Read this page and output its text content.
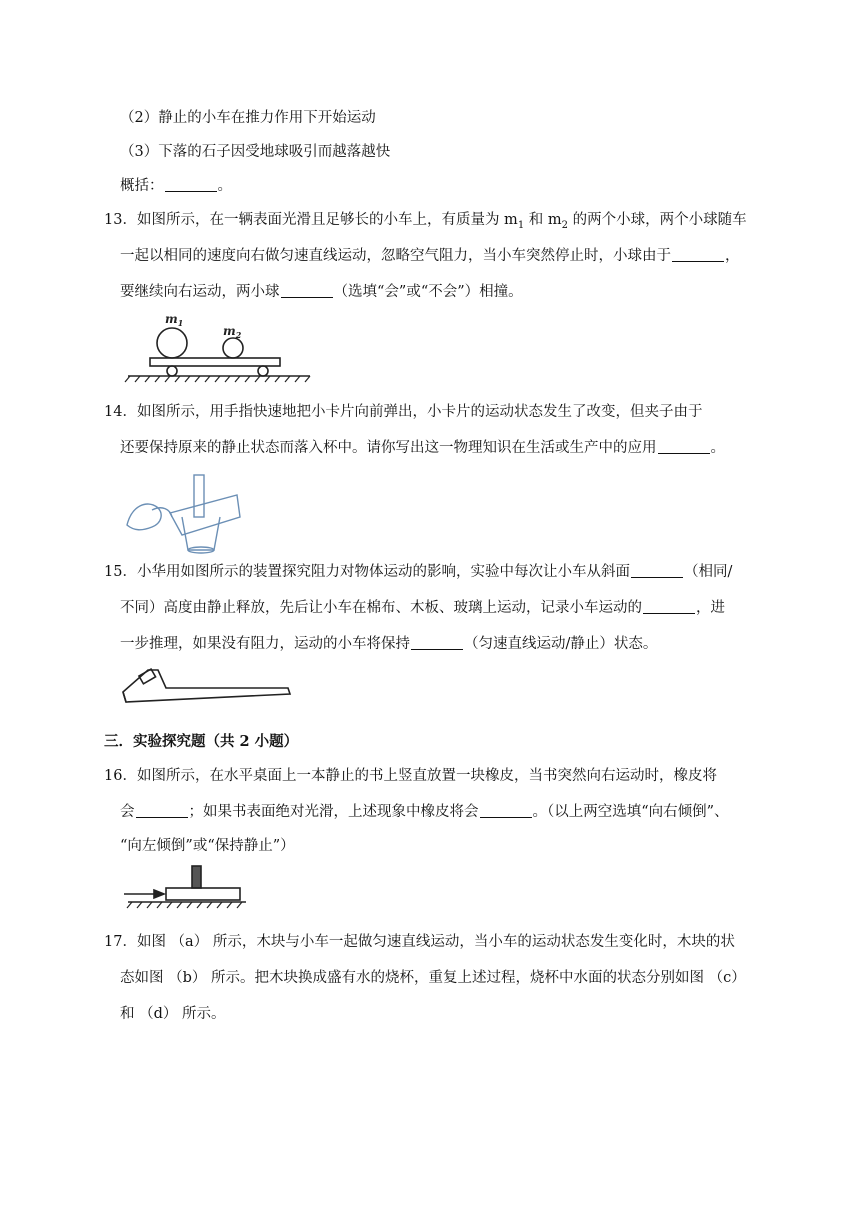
（2）静止的小车在推力作用下开始运动
（3）下落的石子因受地球吸引而越落越快
概括：	。
13．如图所示，在一辆表面光滑且足够长的小车上，有质量为 $m_1$ 和 $m_2$ 的两个小球，两个小球随车
一起以相同的速度向右做匀速直线运动，忽略空气阻力，当小车突然停止时，小球由于	，
要继续向右运动，两小球	（选填“会”或“不会”）相撞。
$m_1$
$m_2$
14．如图所示，用手指快速地把小卡片向前弹出，小卡片的运动状态发生了改变，但夹子由于
还要保持原来的静止状态而落入杯中。请你写出这一物理知识在生活或生产中的应用	。
15．小华用如图所示的装置探究阻力对物体运动的影响，实验中每次让小车从斜面	（相同/
不同）高度由静止释放，先后让小车在棉布、木板、玻璃上运动，记录小车运动的	，进
一步推理，如果没有阻力，运动的小车将保持	（匀速直线运动/静止）状态。
三．实验探究题（共 2 小题）
16．如图所示，在水平桌面上一本静止的书上竖直放置一块橡皮，当书突然向右运动时，橡皮将
会	；如果书表面绝对光滑，上述现象中橡皮将会	。（以上两空选填“向右倾倒”、
“向左倾倒”或“保持静止”）
17．如图 （a） 所示，木块与小车一起做匀速直线运动，当小车的运动状态发生变化时，木块的状
态如图 （b） 所示。把木块换成盛有水的烧杯，重复上述过程，烧杯中水面的状态分别如图 （c）
和 （d） 所示。
